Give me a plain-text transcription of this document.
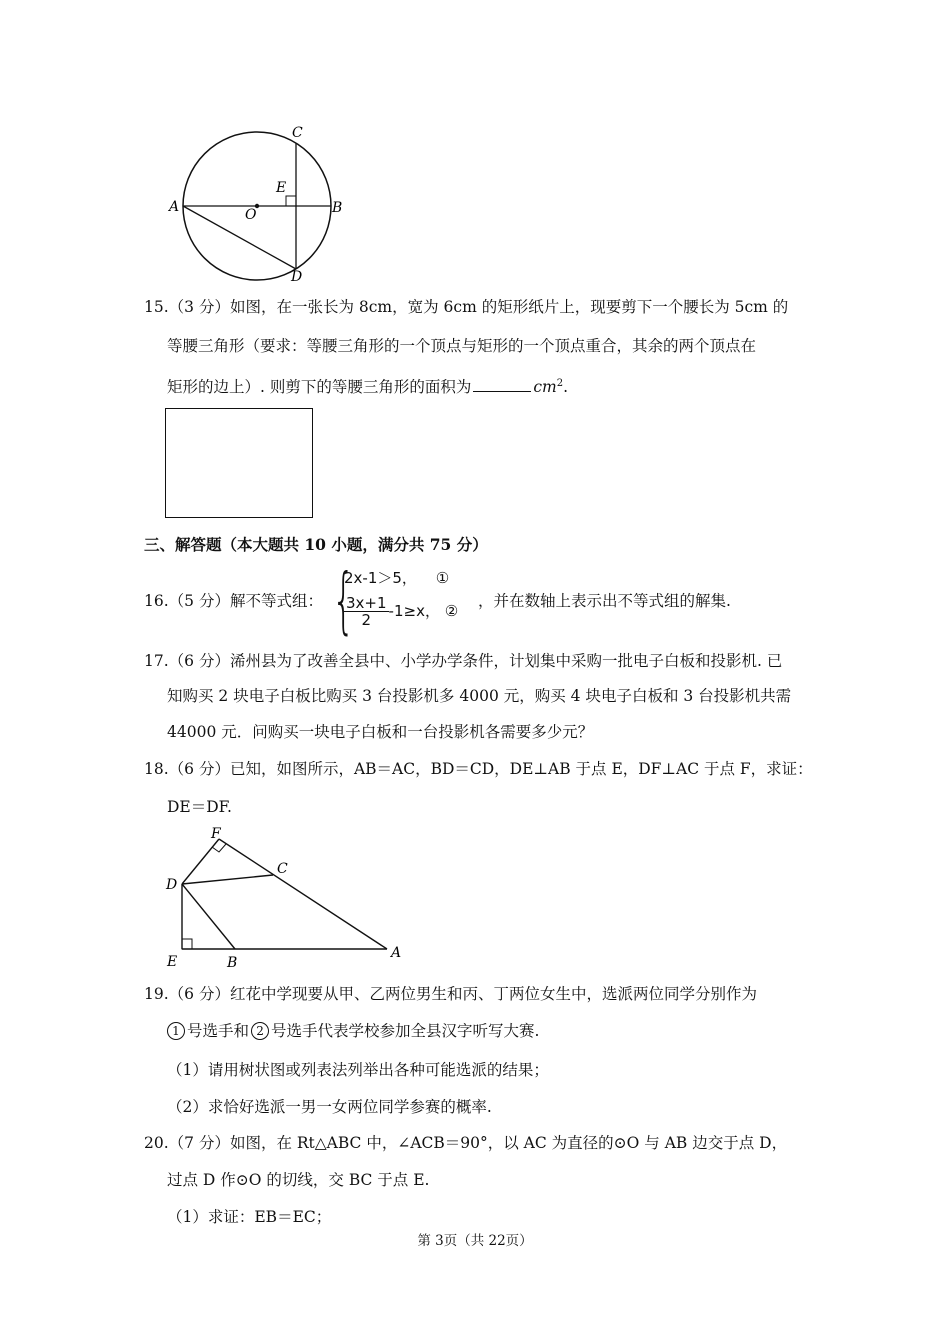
C
E
A	O	B
D
15.（3 分）如图，在一张长为 8cm，宽为 6cm 的矩形纸片上，现要剪下一个腰长为 5cm 的
等腰三角形（要求：等腰三角形的一个顶点与矩形的一个顶点重合，其余的两个顶点在
矩形的边上）. 则剪下的等腰三角形的面积为	$cm^2$.
三、解答题（本大题共 10 小题，满分共 75 分）
16.（5 分）解不等式组： {
2x-1＞5， ①
$\frac{3x+1}{2} -1\ge x$， ②
，并在数轴上表示出不等式组的解集.
17.（6 分）浠州县为了改善全县中、小学办学条件，计划集中采购一批电子白板和投影机. 已
知购买 2 块电子白板比购买 3 台投影机多 4000 元，购买 4 块电子白板和 3 台投影机共需
44000 元．问购买一块电子白板和一台投影机各需要多少元？
18.（6 分）已知，如图所示，AB＝AC，BD＝CD，DE⊥AB 于点 E，DF⊥AC 于点 F，求证：
DE＝DF.
F
C
D
A
E	B
19.（6 分）红花中学现要从甲、乙两位男生和丙、丁两位女生中，选派两位同学分别作为
1 号选手和 2 号选手代表学校参加全县汉字听写大赛.
（1）请用树状图或列表法列举出各种可能选派的结果；
（2）求恰好选派一男一女两位同学参赛的概率.
20.（7 分）如图，在 Rt△ABC 中，∠ACB＝90°，以 AC 为直径的⊙O 与 AB 边交于点 D，
过点 D 作⊙O 的切线，交 BC 于点 E.
（1）求证：EB＝EC；
第 3页（共 22页）
